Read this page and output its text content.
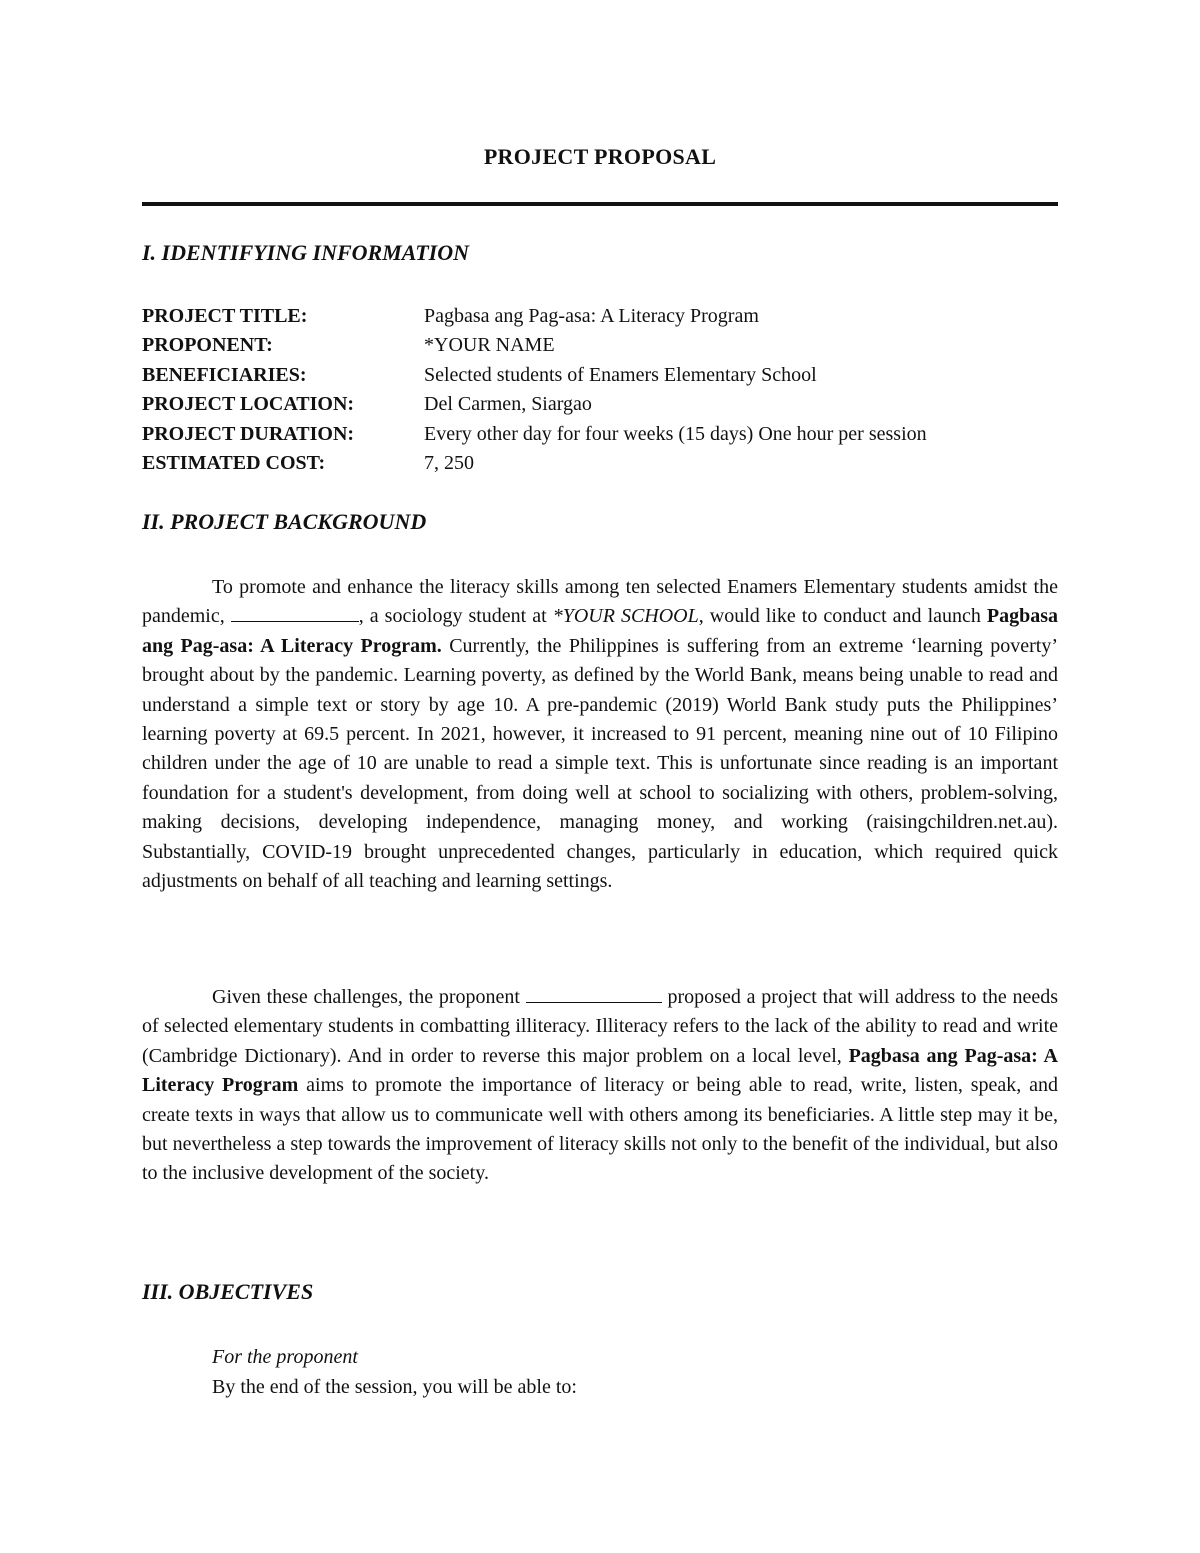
PROJECT PROPOSAL
I. IDENTIFYING INFORMATION
PROJECT TITLE:	Pagbasa ang Pag-asa: A Literacy Program
PROPONENT:	*YOUR NAME
BENEFICIARIES:	Selected students of Enamers Elementary School
PROJECT LOCATION:	Del Carmen, Siargao
PROJECT DURATION:	Every other day for four weeks (15 days) One hour per session
ESTIMATED COST:	7, 250
II. PROJECT BACKGROUND

To promote and enhance the literacy skills among ten selected Enamers Elementary students amidst the pandemic,	, a sociology student at *YOUR SCHOOL, would like to conduct and launch Pagbasa ang Pag-asa: A Literacy Program. Currently, the Philippines is suffering from an extreme ‘learning poverty’ brought about by the pandemic. Learning poverty, as defined by the World Bank, means being unable to read and understand a simple text or story by age 10. A pre-pandemic (2019) World Bank study puts the Philippines’ learning poverty at 69.5 percent. In 2021, however, it increased to 91 percent, meaning nine out of 10 Filipino children under the age of 10 are unable to read a simple text. This is unfortunate since reading is an important foundation for a student's development, from doing well at school to socializing with others, problem-solving, making decisions, developing independence, managing money, and working (raisingchildren.net.au). Substantially, COVID-19 brought unprecedented changes, particularly in education, which required quick adjustments on behalf of all teaching and learning settings.

Given these challenges, the proponent	proposed a project that will address to the needs of selected elementary students in combatting illiteracy. Illiteracy refers to the lack of the ability to read and write (Cambridge Dictionary). And in order to reverse this major problem on a local level, Pagbasa ang Pag-asa: A Literacy Program aims to promote the importance of literacy or being able to read, write, listen, speak, and create texts in ways that allow us to communicate well with others among its beneficiaries. A little step may it be, but nevertheless a step towards the improvement of literacy skills not only to the benefit of the individual, but also to the inclusive development of the society.

III. OBJECTIVES
For the proponent
By the end of the session, you will be able to:
